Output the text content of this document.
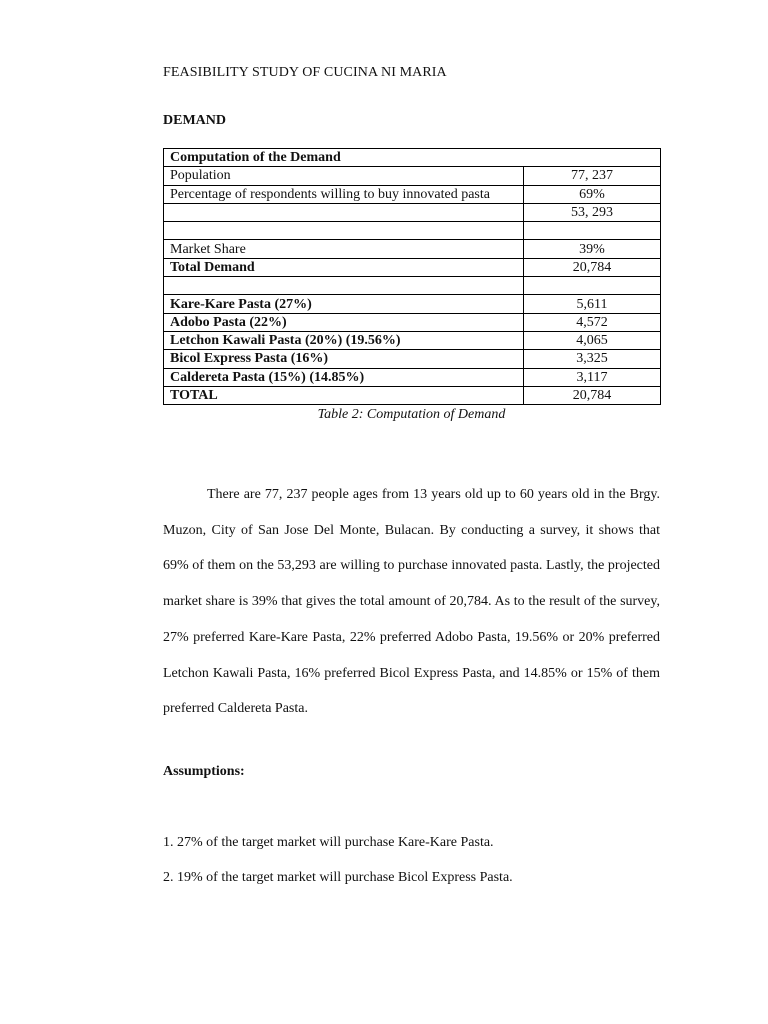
FEASIBILITY STUDY OF CUCINA NI MARIA
DEMAND
Computation of the Demand	
Population	77, 237
Percentage of respondents willing to buy innovated pasta	69%
	53, 293

Market Share	39%
Total Demand	20,784

Kare-Kare Pasta (27%)	5,611
Adobo Pasta (22%)	4,572
Letchon Kawali Pasta (20%) (19.56%)	4,065
Bicol Express Pasta (16%)	3,325
Caldereta Pasta (15%) (14.85%)	3,117
TOTAL	20,784
Table 2: Computation of Demand
There are 77, 237 people ages from 13 years old up to 60 years old in the Brgy. Muzon, City of San Jose Del Monte, Bulacan. By conducting a survey, it shows that 69% of them on the 53,293 are willing to purchase innovated pasta. Lastly, the projected market share is 39% that gives the total amount of 20,784. As to the result of the survey, 27% preferred Kare-Kare Pasta, 22% preferred Adobo Pasta, 19.56% or 20% preferred Letchon Kawali Pasta, 16% preferred Bicol Express Pasta, and 14.85% or 15% of them preferred Caldereta Pasta.
Assumptions:
1. 27% of the target market will purchase Kare-Kare Pasta.
2. 19% of the target market will purchase Bicol Express Pasta.
